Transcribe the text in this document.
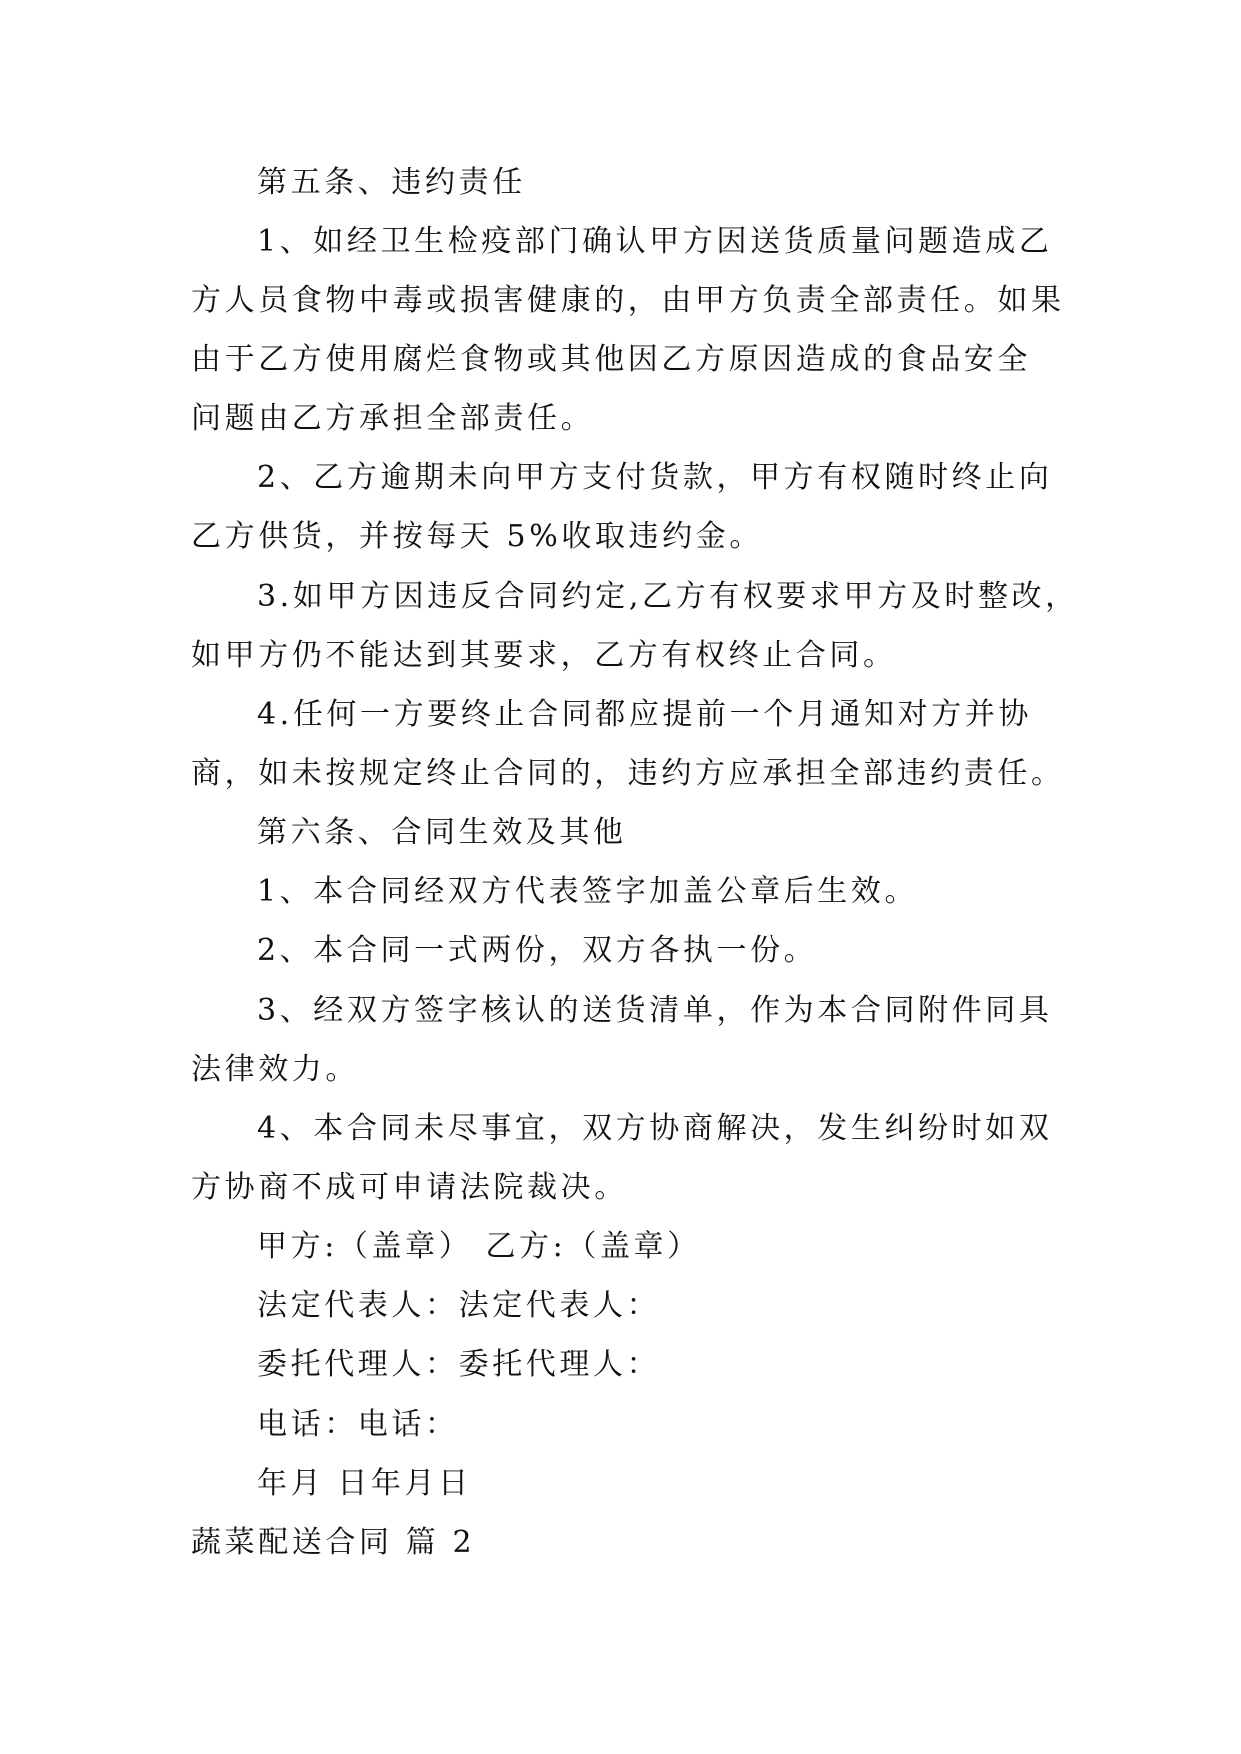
第五条、违约责任
1、如经卫生检疫部门确认甲方因送货质量问题造成乙
方人员食物中毒或损害健康的，由甲方负责全部责任。如果
由于乙方使用腐烂食物或其他因乙方原因造成的食品安全
问题由乙方承担全部责任。
2、乙方逾期未向甲方支付货款，甲方有权随时终止向
乙方供货，并按每天 5%收取违约金。
3.如甲方因违反合同约定,乙方有权要求甲方及时整改，
如甲方仍不能达到其要求，乙方有权终止合同。
4.任何一方要终止合同都应提前一个月通知对方并协
商，如未按规定终止合同的，违约方应承担全部违约责任。
第六条、合同生效及其他
1、本合同经双方代表签字加盖公章后生效。
2、本合同一式两份，双方各执一份。
3、经双方签字核认的送货清单，作为本合同附件同具
法律效力。
4、本合同未尽事宜，双方协商解决，发生纠纷时如双
方协商不成可申请法院裁决。
甲方:（盖章） 乙方:（盖章）
法定代表人：法定代表人：
委托代理人：委托代理人：
电话：电话：
年月 日年月日
蔬菜配送合同 篇 2
